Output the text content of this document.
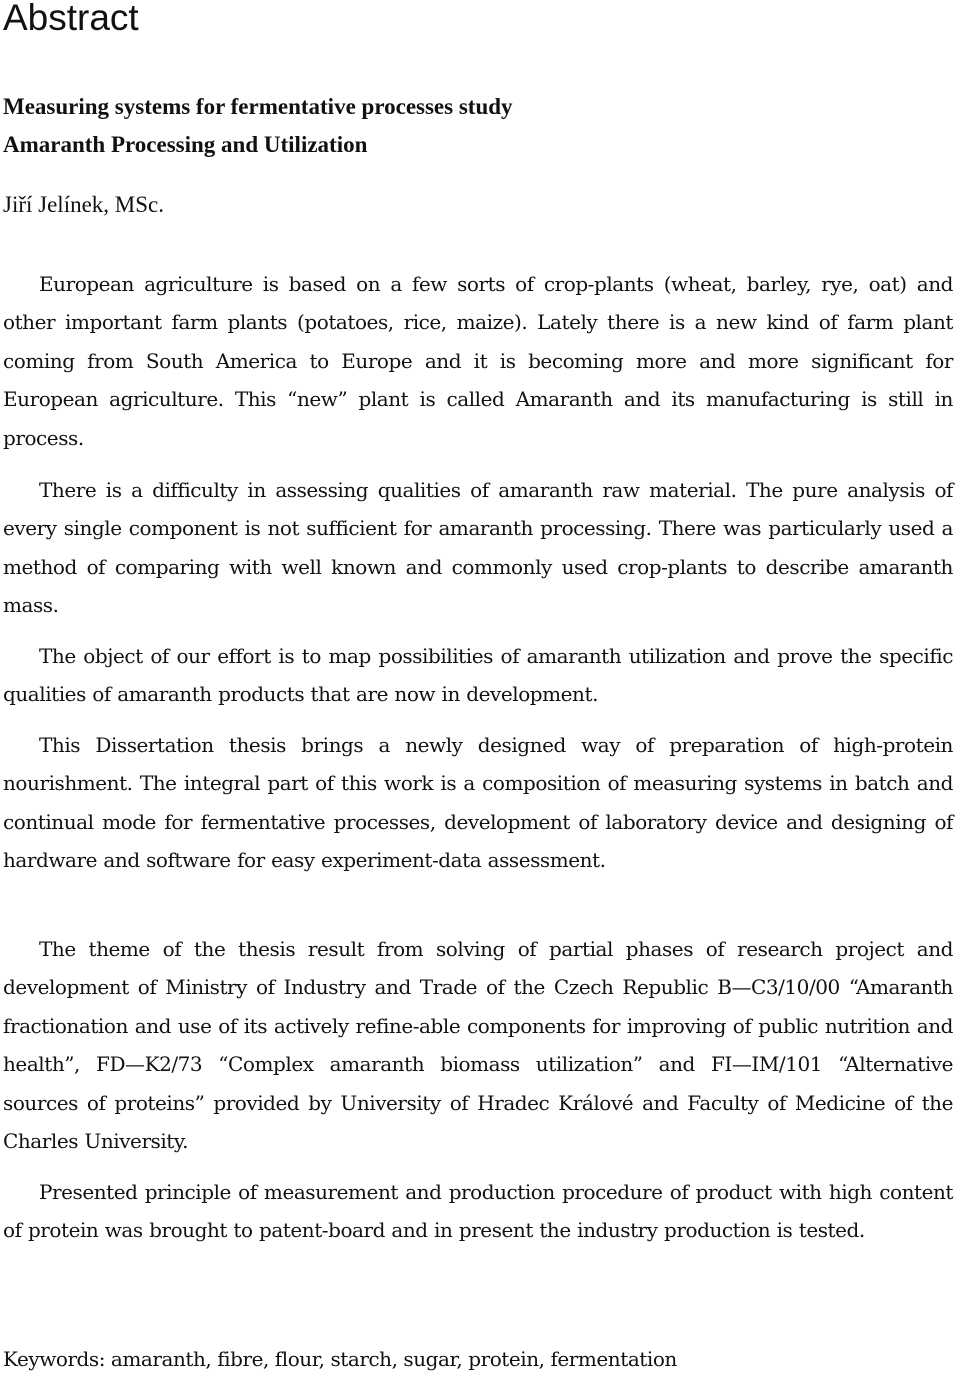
Abstract
Measuring systems for fermentative processes study
Amaranth Processing and Utilization
Jiří Jelínek, MSc.

European agriculture is based on a few sorts of crop-plants (wheat, barley, rye, oat) and other important farm plants (potatoes, rice, maize). Lately there is a new kind of farm plant coming from South America to Europe and it is becoming more and more significant for European agriculture. This “new” plant is called Amaranth and its manufacturing is still in process.

There is a difficulty in assessing qualities of amaranth raw material. The pure analysis of every single component is not sufficient for amaranth processing. There was particularly used a method of comparing with well known and commonly used crop-plants to describe amaranth mass.

The object of our effort is to map possibilities of amaranth utilization and prove the specific qualities of amaranth products that are now in development.

This Dissertation thesis brings a newly designed way of preparation of high-protein nourishment. The integral part of this work is a composition of measuring systems in batch and continual mode for fermentative processes, development of laboratory device and designing of hardware and software for easy experiment-data assessment.

The theme of the thesis result from solving of partial phases of research project and development of Ministry of Industry and Trade of the Czech Republic B—C3/10/00 “Amaranth fractionation and use of its actively refine-able components for improving of public nutrition and health”, FD—K2/73 “Complex amaranth biomass utilization” and FI—IM/101 “Alternative sources of proteins” provided by University of Hradec Králové and Faculty of Medicine of the Charles University.

Presented principle of measurement and production procedure of product with high content of protein was brought to patent-board and in present the industry production is tested.

Keywords: amaranth, fibre, flour, starch, sugar, protein, fermentation
